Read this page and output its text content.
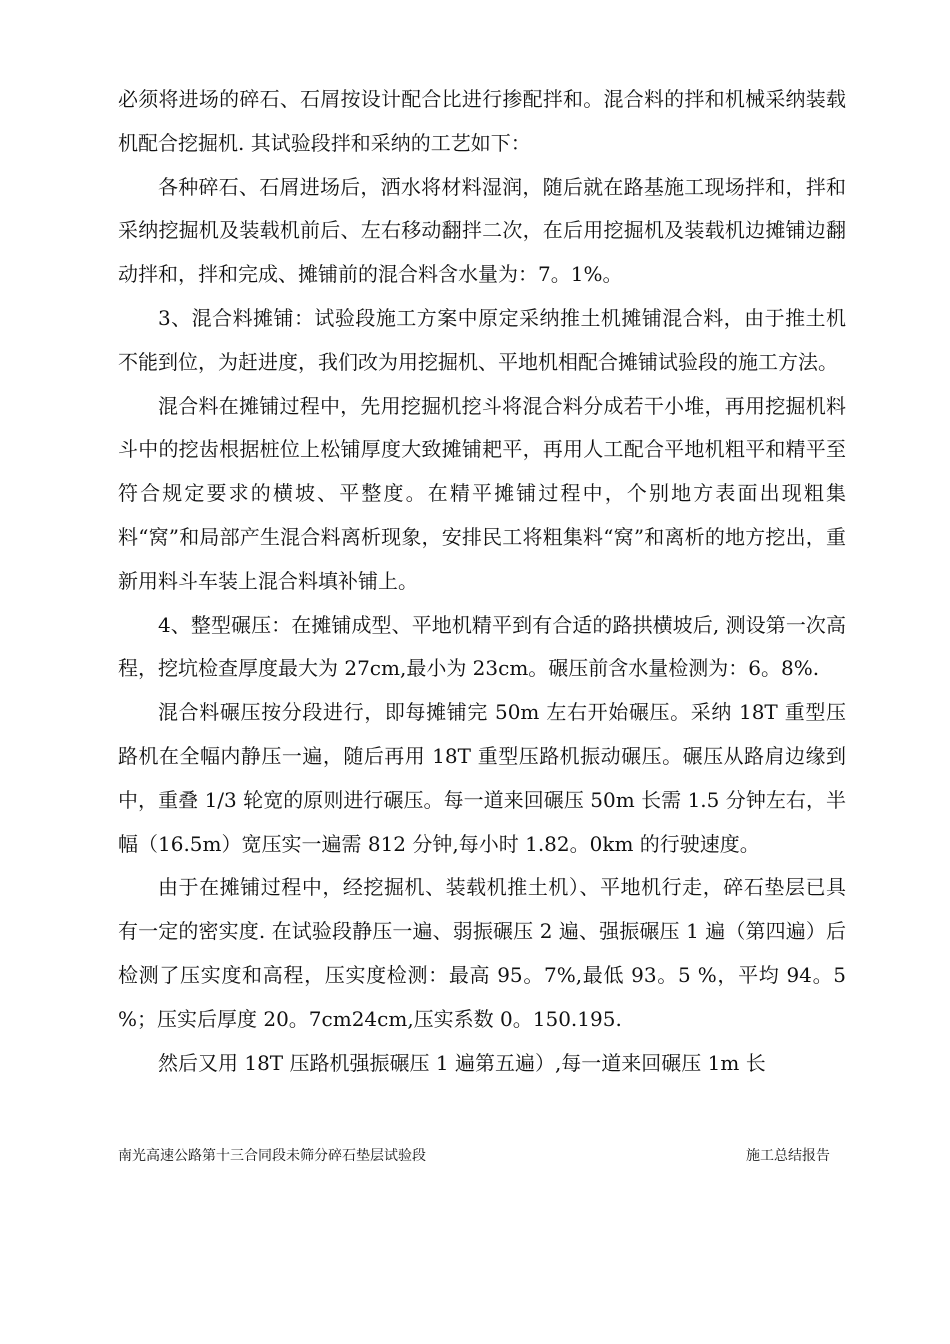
必须将进场的碎石、石屑按设计配合比进行掺配拌和。混合料的拌和机械采纳装载机配合挖掘机. 其试验段拌和采纳的工艺如下：

各种碎石、石屑进场后，洒水将材料湿润，随后就在路基施工现场拌和，拌和采纳挖掘机及装载机前后、左右移动翻拌二次，在后用挖掘机及装载机边摊铺边翻动拌和，拌和完成、摊铺前的混合料含水量为：7。1%。

3、混合料摊铺：试验段施工方案中原定采纳推土机摊铺混合料，由于推土机不能到位，为赶进度，我们改为用挖掘机、平地机相配合摊铺试验段的施工方法。

混合料在摊铺过程中，先用挖掘机挖斗将混合料分成若干小堆，再用挖掘机料斗中的挖齿根据桩位上松铺厚度大致摊铺耙平，再用人工配合平地机粗平和精平至符合规定要求的横坡、平整度。在精平摊铺过程中，个别地方表面出现粗集料“窝”和局部产生混合料离析现象，安排民工将粗集料“窝”和离析的地方挖出，重新用料斗车装上混合料填补铺上。

4、整型碾压：在摊铺成型、平地机精平到有合适的路拱横坡后, 测设第一次高程，挖坑检查厚度最大为 27cm,最小为 23cm。碾压前含水量检测为：6。8%.

混合料碾压按分段进行，即每摊铺完 50m 左右开始碾压。采纳 18T 重型压路机在全幅内静压一遍，随后再用 18T 重型压路机振动碾压。碾压从路肩边缘到中，重叠 1/3 轮宽的原则进行碾压。每一道来回碾压 50m 长需 1.5 分钟左右，半幅（16.5m）宽压实一遍需 812 分钟,每小时 1.82。0km 的行驶速度。

由于在摊铺过程中，经挖掘机、装载机推土机）、平地机行走，碎石垫层已具有一定的密实度. 在试验段静压一遍、弱振碾压 2 遍、强振碾压 1 遍（第四遍）后检测了压实度和高程，压实度检测：最高 95。7%,最低 93。5 %，平均 94。5 %；压实后厚度 20。7cm24cm,压实系数 0。150.195.

然后又用 18T 压路机强振碾压 1 遍第五遍）,每一道来回碾压 1m 长

南光高速公路第十三合同段未筛分碎石垫层试验段	施工总结报告
